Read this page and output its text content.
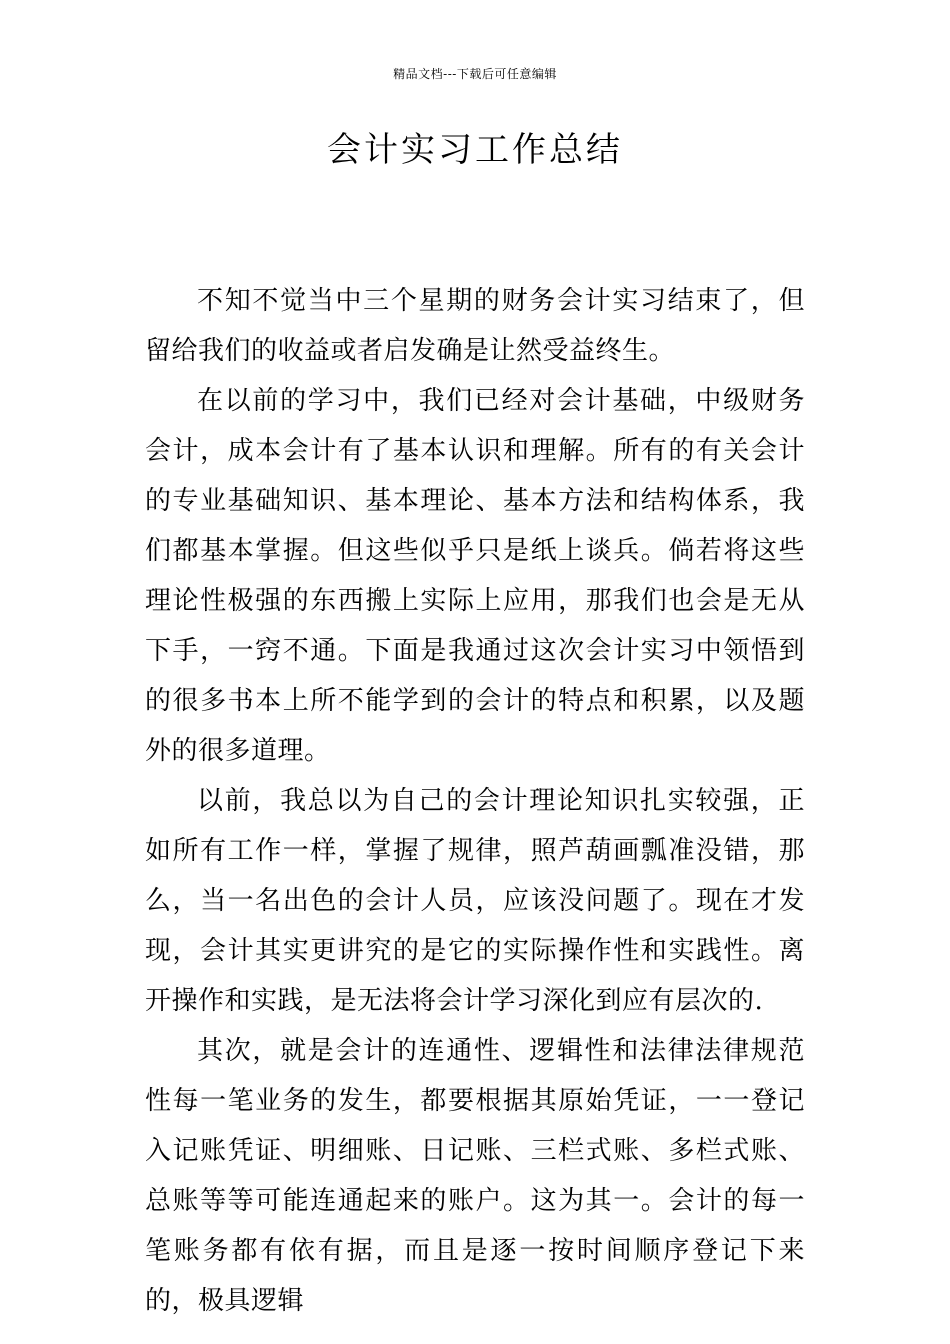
精品文档---下载后可任意编辑
会计实习工作总结

不知不觉当中三个星期的财务会计实习结束了，但留给我们的收益或者启发确是让然受益终生。

在以前的学习中，我们已经对会计基础，中级财务会计，成本会计有了基本认识和理解。所有的有关会计的专业基础知识、基本理论、基本方法和结构体系，我们都基本掌握。但这些似乎只是纸上谈兵。倘若将这些理论性极强的东西搬上实际上应用，那我们也会是无从下手，一窍不通。下面是我通过这次会计实习中领悟到的很多书本上所不能学到的会计的特点和积累，以及题外的很多道理。

以前，我总以为自己的会计理论知识扎实较强，正如所有工作一样，掌握了规律，照芦葫画瓢准没错，那么，当一名出色的会计人员，应该没问题了。现在才发现，会计其实更讲究的是它的实际操作性和实践性。离开操作和实践，是无法将会计学习深化到应有层次的.

其次，就是会计的连通性、逻辑性和法律法律规范性每一笔业务的发生，都要根据其原始凭证，一一登记入记账凭证、明细账、日记账、三栏式账、多栏式账、总账等等可能连通起来的账户。这为其一。会计的每一笔账务都有依有据，而且是逐一按时间顺序登记下来的，极具逻辑
